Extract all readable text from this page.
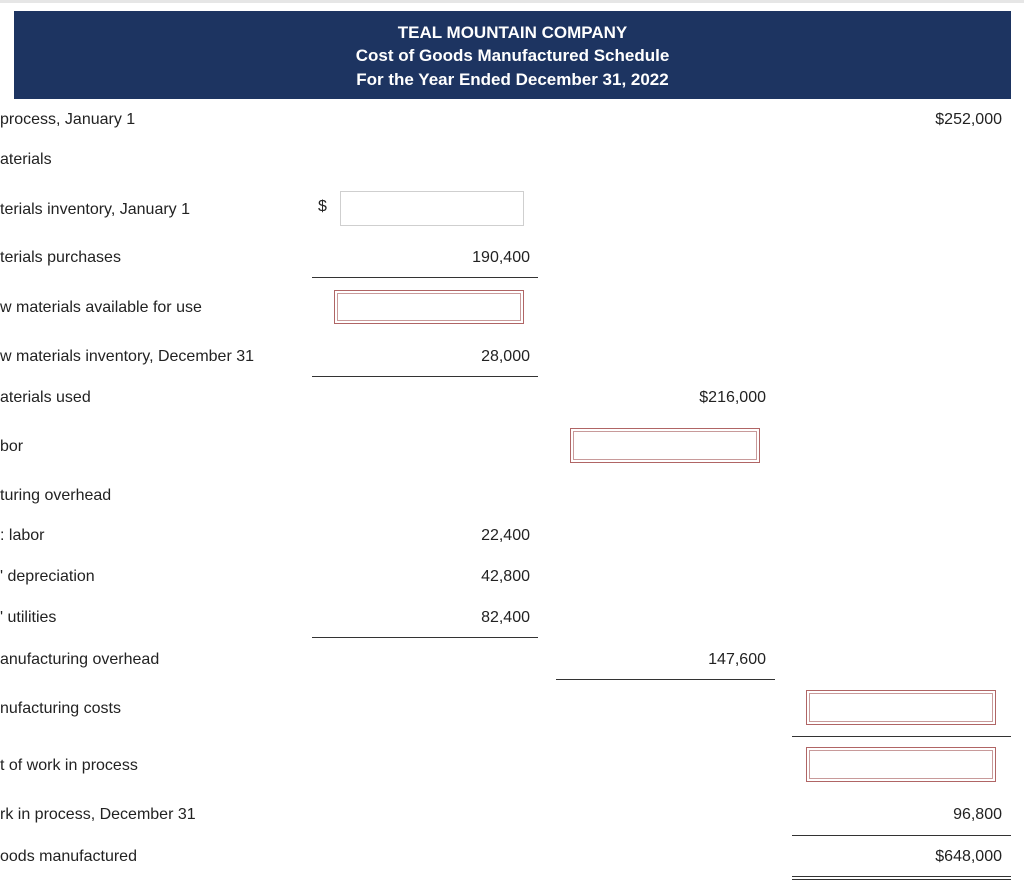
TEAL MOUNTAIN COMPANY
Cost of Goods Manufactured Schedule
For the Year Ended December 31, 2022
process, January 1	$252,000
aterials
terials inventory, January 1	$
terials purchases	190,400
w materials available for use
w materials inventory, December 31	28,000
aterials used	$216,000
bor
turing overhead
: labor	22,400
' depreciation	42,800
' utilities	82,400
anufacturing overhead	147,600
nufacturing costs
t of work in process
rk in process, December 31	96,800
oods manufactured	$648,000
